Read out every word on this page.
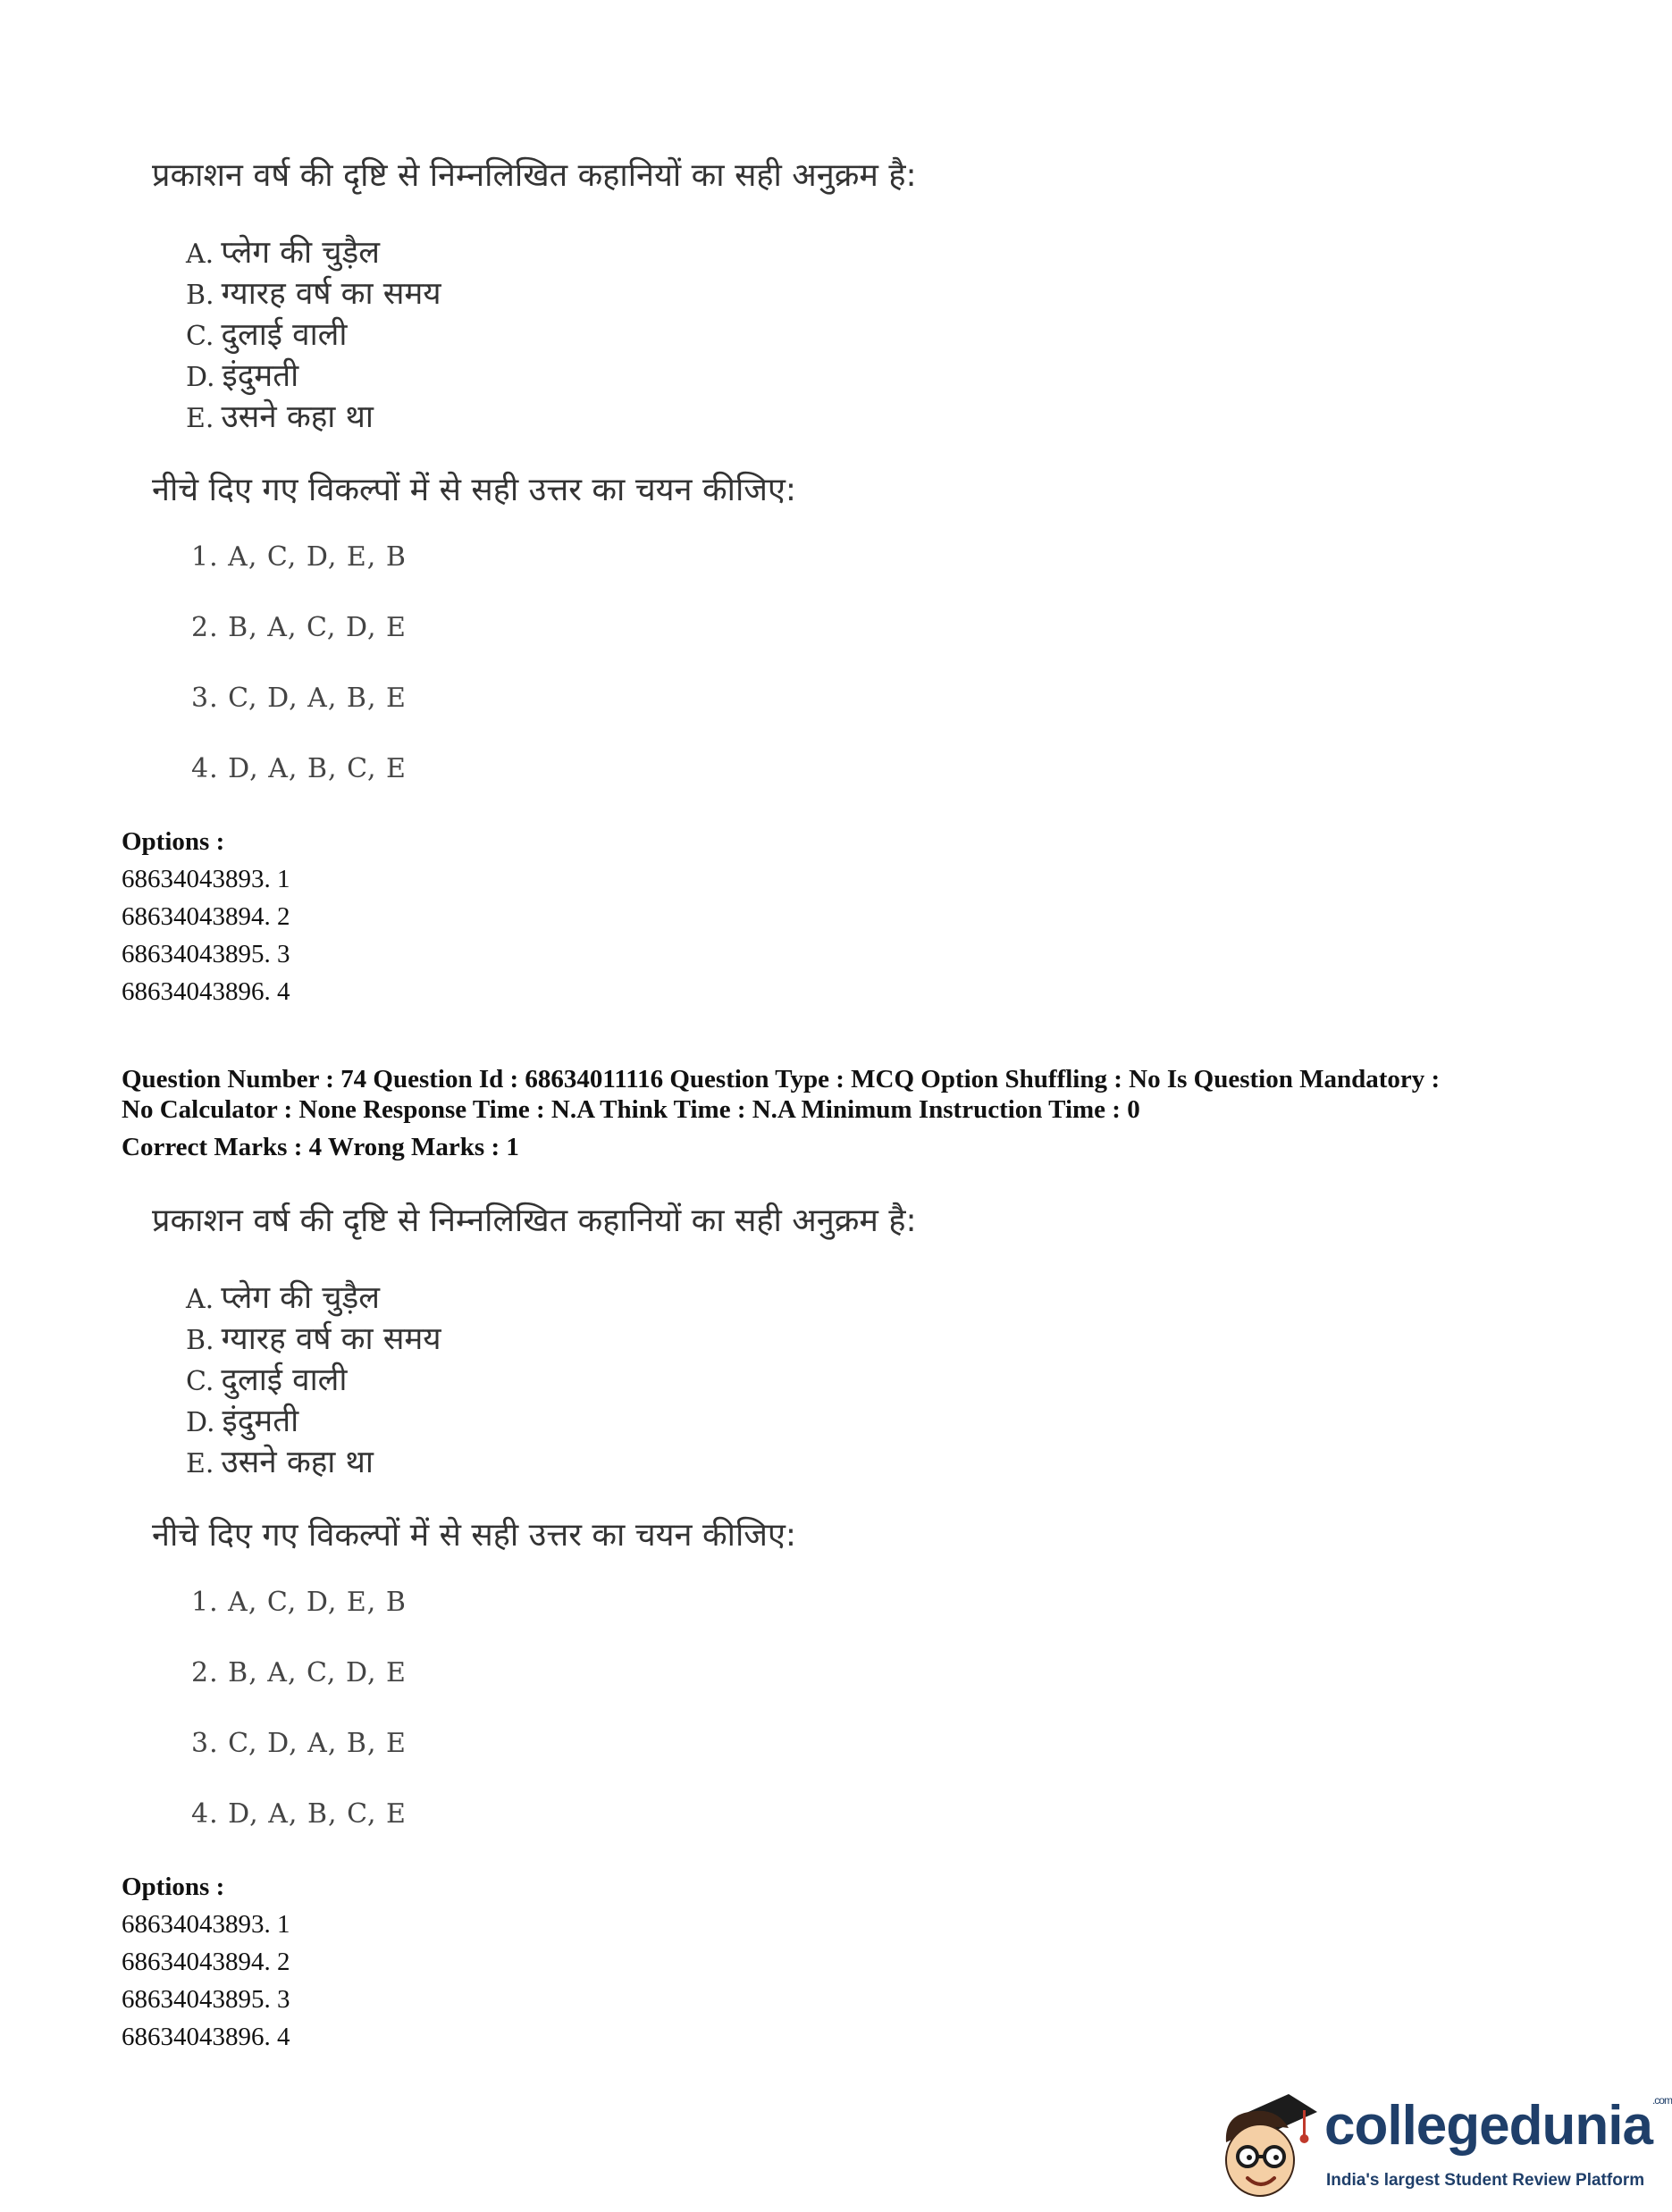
प्रकाशन वर्ष की दृष्टि से निम्नलिखित कहानियों का सही अनुक्रम है:
A. प्लेग की चुड़ैल
B. ग्यारह वर्ष का समय
C. दुलाई वाली
D. इंदुमती
E. उसने कहा था
नीचे दिए गए विकल्पों में से सही उत्तर का चयन कीजिए:
1. A, C, D, E, B
2. B, A, C, D, E
3. C, D, A, B, E
4. D, A, B, C, E
Options :
68634043893. 1
68634043894. 2
68634043895. 3
68634043896. 4
Question Number : 74 Question Id : 68634011116 Question Type : MCQ Option Shuffling : No Is Question Mandatory :
No Calculator : None Response Time : N.A Think Time : N.A Minimum Instruction Time : 0
Correct Marks : 4 Wrong Marks : 1
प्रकाशन वर्ष की दृष्टि से निम्नलिखित कहानियों का सही अनुक्रम है:
A. प्लेग की चुड़ैल
B. ग्यारह वर्ष का समय
C. दुलाई वाली
D. इंदुमती
E. उसने कहा था
नीचे दिए गए विकल्पों में से सही उत्तर का चयन कीजिए:
1. A, C, D, E, B
2. B, A, C, D, E
3. C, D, A, B, E
4. D, A, B, C, E
Options :
68634043893. 1
68634043894. 2
68634043895. 3
68634043896. 4
collegedunia$^{.com}$
India's largest Student Review Platform
